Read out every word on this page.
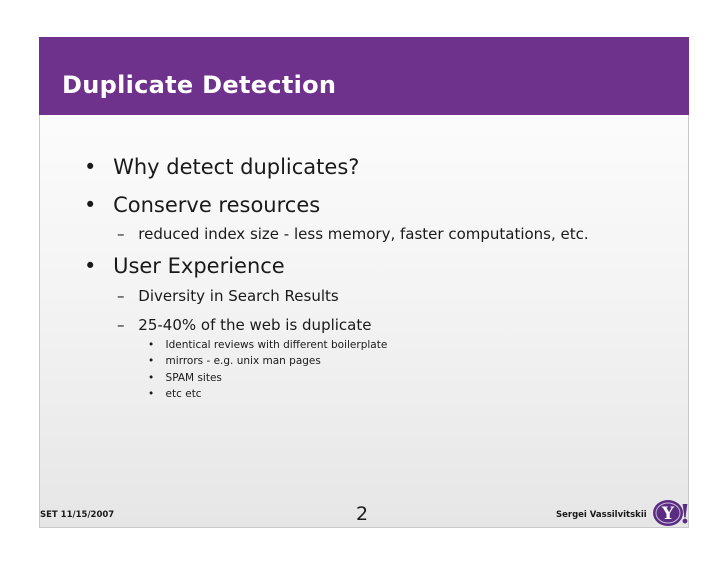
Duplicate Detection
• Why detect duplicates?
• Conserve resources
– reduced index size - less memory, faster computations, etc.
• User Experience
– Diversity in Search Results
– 25-40% of the web is duplicate
• Identical reviews with different boilerplate
• mirrors - e.g. unix man pages
• SPAM sites
• etc etc
SET 11/15/2007	2	Sergei Vassilvitskii Y !
